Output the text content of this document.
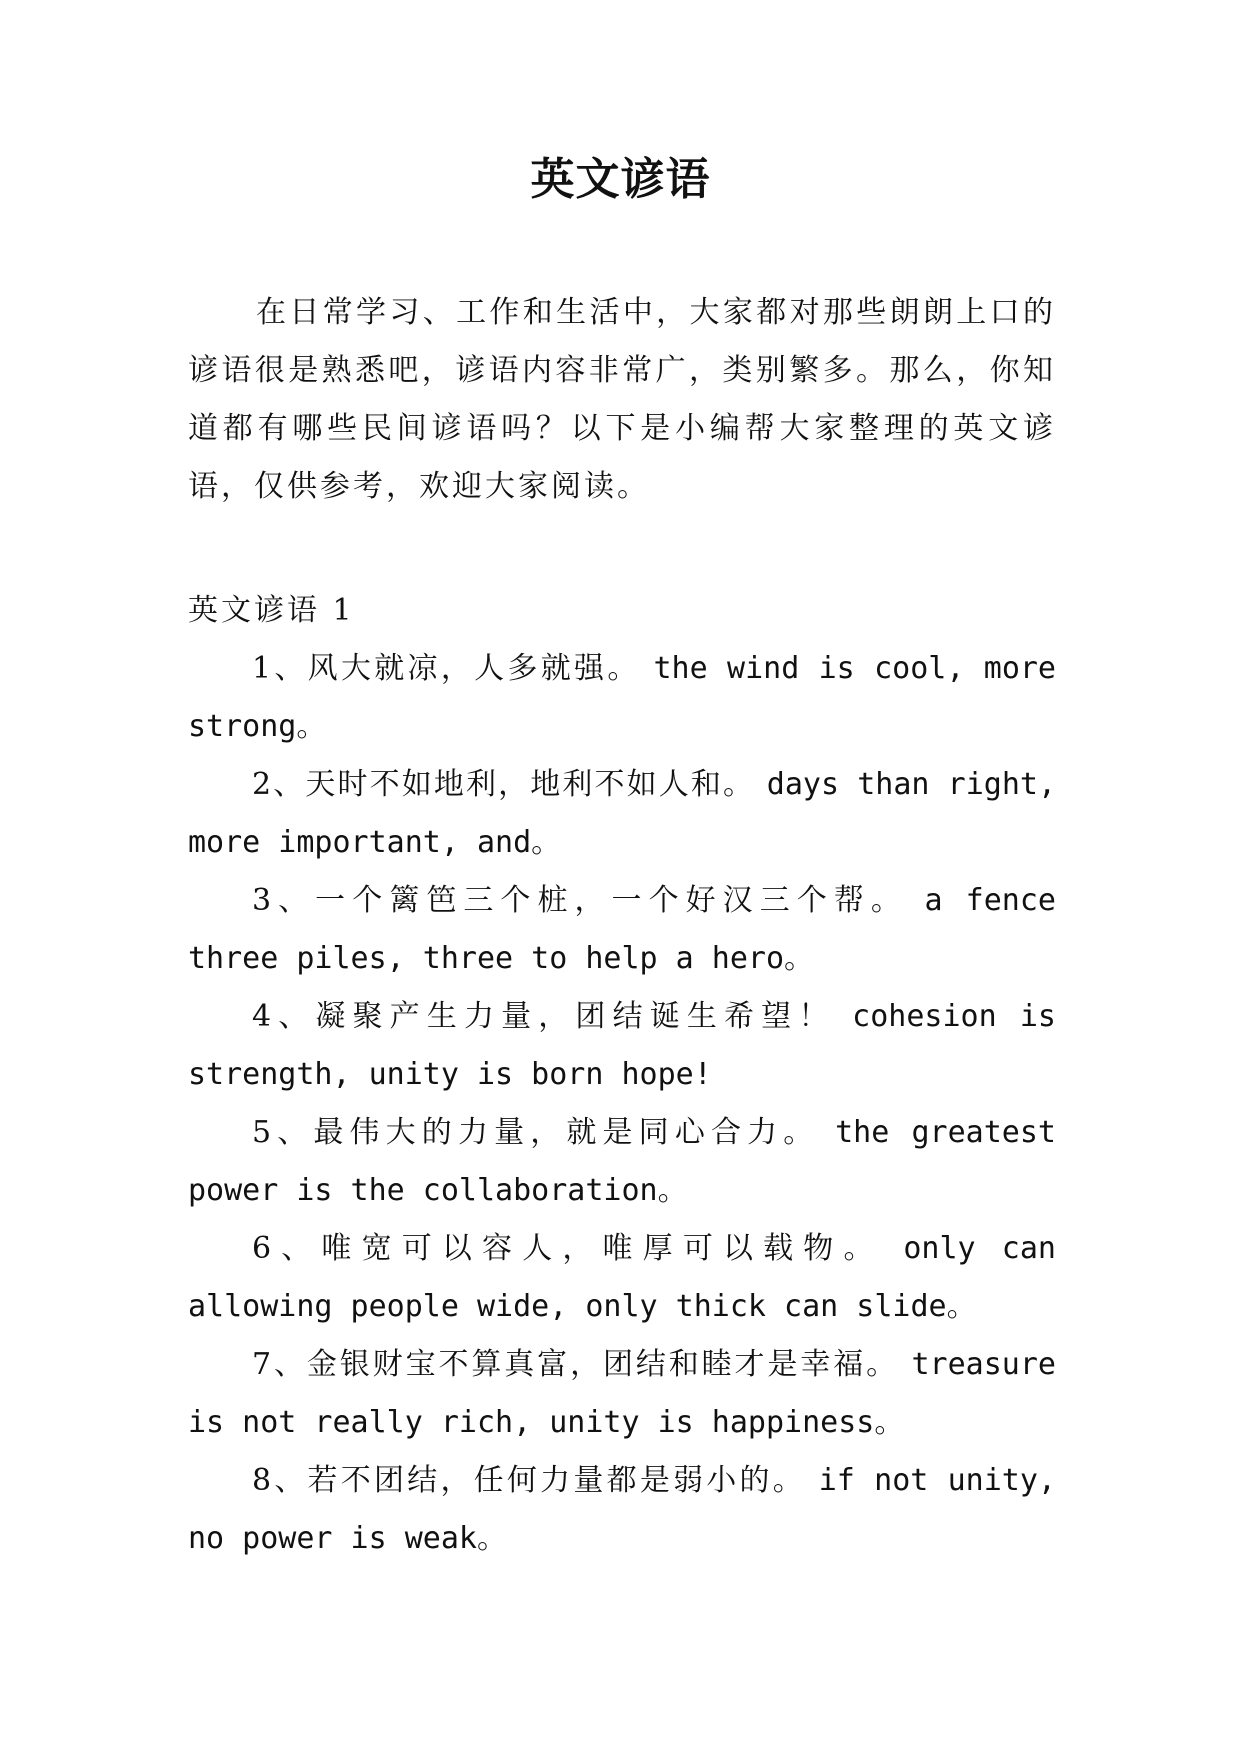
英文谚语
在日常学习、工作和生活中，大家都对那些朗朗上口的谚语很是熟悉吧，谚语内容非常广，类别繁多。那么，你知道都有哪些民间谚语吗？以下是小编帮大家整理的英文谚语，仅供参考，欢迎大家阅读。
英文谚语 1
1、风大就凉，人多就强。 the wind is cool, more strong。
2、天时不如地利，地利不如人和。 days than right, more important, and。
3、一个篱笆三个桩，一个好汉三个帮。 a fence three piles, three to help a hero。
4、凝聚产生力量，团结诞生希望！ cohesion is strength, unity is born hope!
5、最伟大的力量，就是同心合力。 the greatest power is the collaboration。
6、唯宽可以容人，唯厚可以载物。 only can allowing people wide, only thick can slide。
7、金银财宝不算真富，团结和睦才是幸福。 treasure is not really rich, unity is happiness。
8、若不团结，任何力量都是弱小的。 if not unity, no power is weak。
